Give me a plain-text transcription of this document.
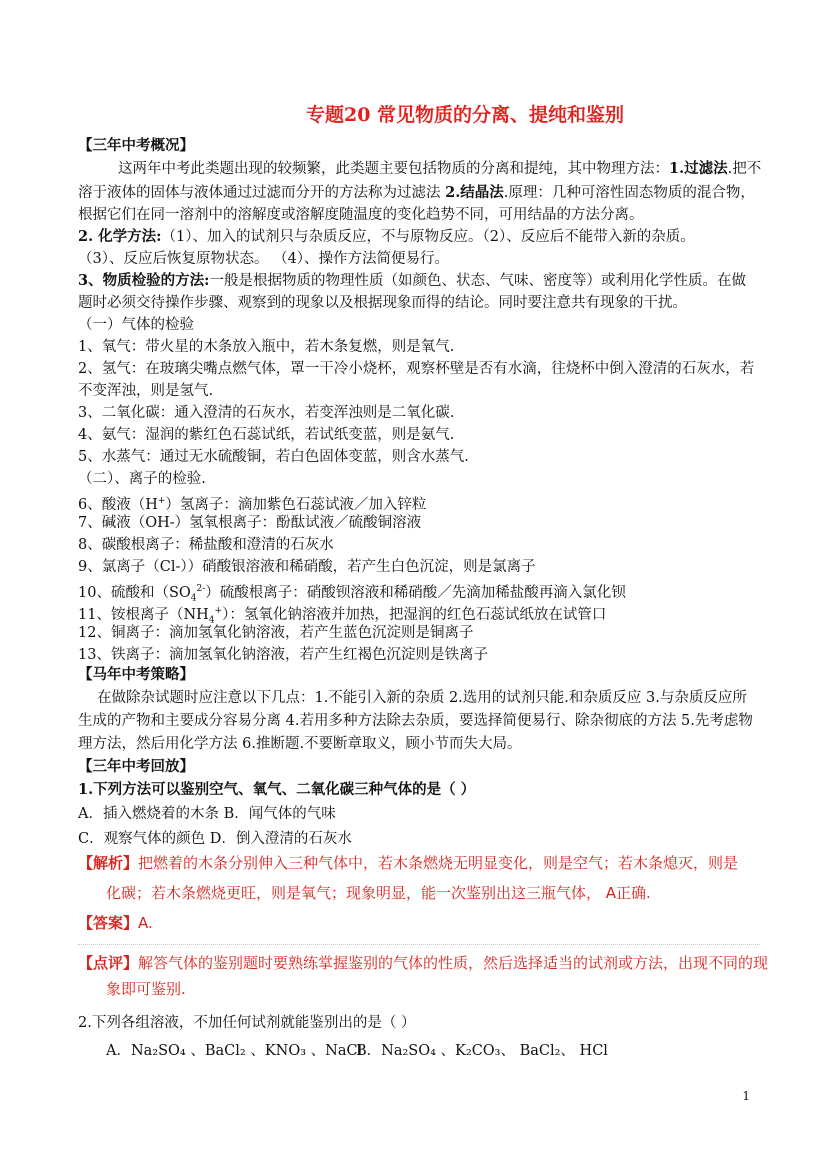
专题20 常见物质的分离、提纯和鉴别
【三年中考概况】
这两年中考此类题出现的较频繁，此类题主要包括物质的分离和提纯，其中物理方法：1.过滤法.把不
溶于液体的固体与液体通过过滤而分开的方法称为过滤法 2.结晶法.原理：几种可溶性固态物质的混合物，
根据它们在同一溶剂中的溶解度或溶解度随温度的变化趋势不同，可用结晶的方法分离。
2. 化学方法:（1）、加入的试剂只与杂质反应，不与原物反应。（2）、反应后不能带入新的杂质。
（3）、反应后恢复原物状态。 （4）、操作方法简便易行。
3、物质检验的方法:一般是根据物质的物理性质（如颜色、状态、气味、密度等）或利用化学性质。在做
题时必须交待操作步骤、观察到的现象以及根据现象而得的结论。同时要注意共有现象的干扰。
（一）气体的检验
1、氧气：带火星的木条放入瓶中，若木条复燃，则是氧气.
2、氢气：在玻璃尖嘴点燃气体，罩一干冷小烧杯，观察杯壁是否有水滴，往烧杯中倒入澄清的石灰水，若
不变浑浊，则是氢气.
3、二氧化碳：通入澄清的石灰水，若变浑浊则是二氧化碳.
4、氨气：湿润的紫红色石蕊试纸，若试纸变蓝，则是氨气.
5、水蒸气：通过无水硫酸铜，若白色固体变蓝，则含水蒸气.
（二）、离子的检验.
6、酸液（H+）氢离子：滴加紫色石蕊试液／加入锌粒
7、碱液（OH-）氢氧根离子：酚酞试液／硫酸铜溶液
8、碳酸根离子：稀盐酸和澄清的石灰水
9、氯离子（Cl-））硝酸银溶液和稀硝酸，若产生白色沉淀，则是氯离子
10、硫酸和$(SO_4^{2-})$硫酸根离子：硝酸钡溶液和稀硝酸／先滴加稀盐酸再滴入氯化钡
11、铵根离子$(NH_4^+)$：氢氧化钠溶液并加热，把湿润的红色石蕊试纸放在试管口
12、铜离子：滴加氢氧化钠溶液，若产生蓝色沉淀则是铜离子
13、铁离子：滴加氢氧化钠溶液，若产生红褐色沉淀则是铁离子
【马年中考策略】
在做除杂试题时应注意以下几点：1.不能引入新的杂质 2.选用的试剂只能.和杂质反应 3.与杂质反应所
生成的产物和主要成分容易分离 4.若用多种方法除去杂质，要选择简便易行、除杂彻底的方法 5.先考虑物
理方法，然后用化学方法 6.推断题.不要断章取义，顾小节而失大局。
【三年中考回放】
1.下列方法可以鉴别空气、氧气、二氧化碳三种气体的是（ ）
A．插入燃烧着的木条 B．闻气体的气味
C．观察气体的颜色 D．倒入澄清的石灰水
【解析】把燃着的木条分别伸入三种气体中，若木条燃烧无明显变化，则是空气；若木条熄灭，则是
化碳；若木条燃烧更旺，则是氧气；现象明显，能一次鉴别出这三瓶气体， A正确.
【答案】A.
【点评】解答气体的鉴别题时要熟练掌握鉴别的气体的性质，然后选择适当的试剂或方法，出现不同的现
象即可鉴别.
2.下列各组溶液，不加任何试剂就能鉴别出的是（ ）
A．Na₂SO₄ 、BaCl₂ 、KNO₃ 、NaCl
B．Na₂SO₄ 、K₂CO₃、 BaCl₂、 HCl
1
